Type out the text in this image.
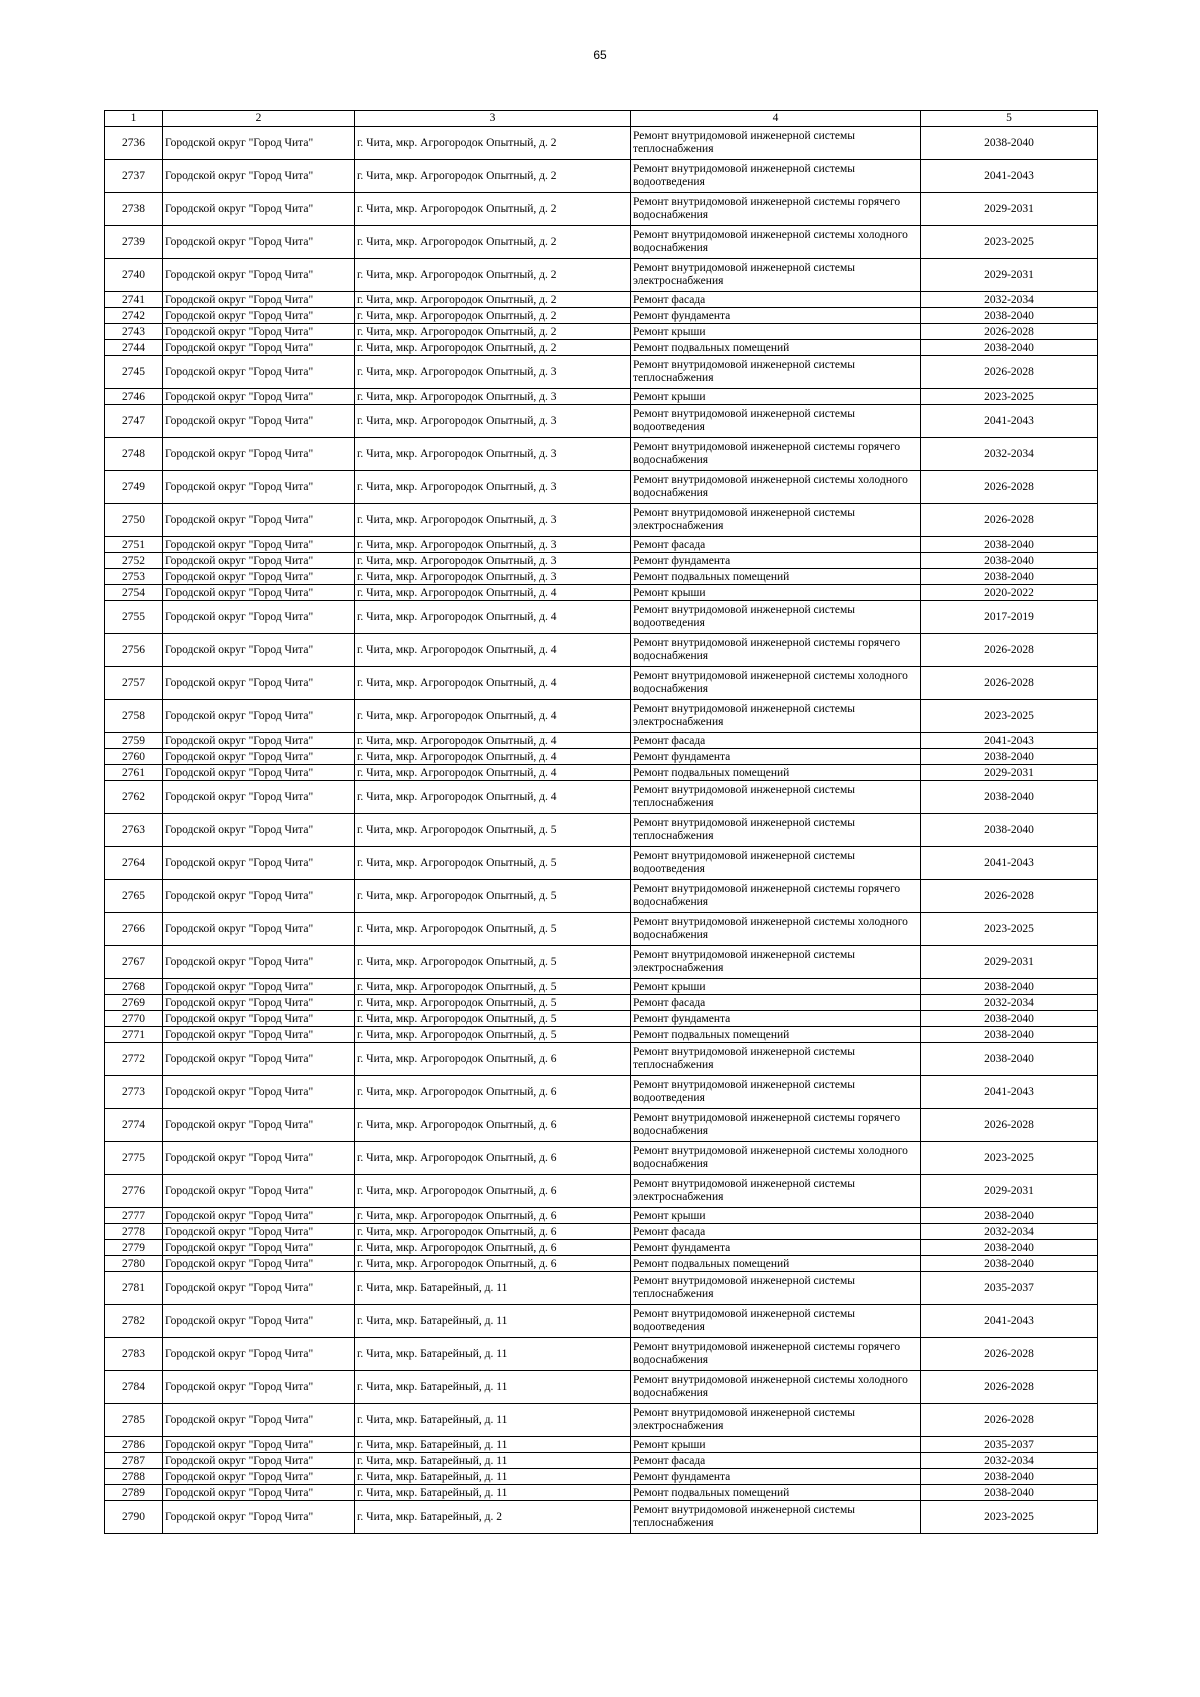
65
1	2	3	4	5
2736	Городской округ "Город Чита"	г. Чита, мкр. Агрогородок Опытный, д. 2	Ремонт внутридомовой инженерной системы теплоснабжения	2038-2040
2737	Городской округ "Город Чита"	г. Чита, мкр. Агрогородок Опытный, д. 2	Ремонт внутридомовой инженерной системы водоотведения	2041-2043
2738	Городской округ "Город Чита"	г. Чита, мкр. Агрогородок Опытный, д. 2	Ремонт внутридомовой инженерной системы горячего водоснабжения	2029-2031
2739	Городской округ "Город Чита"	г. Чита, мкр. Агрогородок Опытный, д. 2	Ремонт внутридомовой инженерной системы холодного водоснабжения	2023-2025
2740	Городской округ "Город Чита"	г. Чита, мкр. Агрогородок Опытный, д. 2	Ремонт внутридомовой инженерной системы электроснабжения	2029-2031
2741	Городской округ "Город Чита"	г. Чита, мкр. Агрогородок Опытный, д. 2	Ремонт фасада	2032-2034
2742	Городской округ "Город Чита"	г. Чита, мкр. Агрогородок Опытный, д. 2	Ремонт фундамента	2038-2040
2743	Городской округ "Город Чита"	г. Чита, мкр. Агрогородок Опытный, д. 2	Ремонт крыши	2026-2028
2744	Городской округ "Город Чита"	г. Чита, мкр. Агрогородок Опытный, д. 2	Ремонт подвальных помещений	2038-2040
2745	Городской округ "Город Чита"	г. Чита, мкр. Агрогородок Опытный, д. 3	Ремонт внутридомовой инженерной системы теплоснабжения	2026-2028
2746	Городской округ "Город Чита"	г. Чита, мкр. Агрогородок Опытный, д. 3	Ремонт крыши	2023-2025
2747	Городской округ "Город Чита"	г. Чита, мкр. Агрогородок Опытный, д. 3	Ремонт внутридомовой инженерной системы водоотведения	2041-2043
2748	Городской округ "Город Чита"	г. Чита, мкр. Агрогородок Опытный, д. 3	Ремонт внутридомовой инженерной системы горячего водоснабжения	2032-2034
2749	Городской округ "Город Чита"	г. Чита, мкр. Агрогородок Опытный, д. 3	Ремонт внутридомовой инженерной системы холодного водоснабжения	2026-2028
2750	Городской округ "Город Чита"	г. Чита, мкр. Агрогородок Опытный, д. 3	Ремонт внутридомовой инженерной системы электроснабжения	2026-2028
2751	Городской округ "Город Чита"	г. Чита, мкр. Агрогородок Опытный, д. 3	Ремонт фасада	2038-2040
2752	Городской округ "Город Чита"	г. Чита, мкр. Агрогородок Опытный, д. 3	Ремонт фундамента	2038-2040
2753	Городской округ "Город Чита"	г. Чита, мкр. Агрогородок Опытный, д. 3	Ремонт подвальных помещений	2038-2040
2754	Городской округ "Город Чита"	г. Чита, мкр. Агрогородок Опытный, д. 4	Ремонт крыши	2020-2022
2755	Городской округ "Город Чита"	г. Чита, мкр. Агрогородок Опытный, д. 4	Ремонт внутридомовой инженерной системы водоотведения	2017-2019
2756	Городской округ "Город Чита"	г. Чита, мкр. Агрогородок Опытный, д. 4	Ремонт внутридомовой инженерной системы горячего водоснабжения	2026-2028
2757	Городской округ "Город Чита"	г. Чита, мкр. Агрогородок Опытный, д. 4	Ремонт внутридомовой инженерной системы холодного водоснабжения	2026-2028
2758	Городской округ "Город Чита"	г. Чита, мкр. Агрогородок Опытный, д. 4	Ремонт внутридомовой инженерной системы электроснабжения	2023-2025
2759	Городской округ "Город Чита"	г. Чита, мкр. Агрогородок Опытный, д. 4	Ремонт фасада	2041-2043
2760	Городской округ "Город Чита"	г. Чита, мкр. Агрогородок Опытный, д. 4	Ремонт фундамента	2038-2040
2761	Городской округ "Город Чита"	г. Чита, мкр. Агрогородок Опытный, д. 4	Ремонт подвальных помещений	2029-2031
2762	Городской округ "Город Чита"	г. Чита, мкр. Агрогородок Опытный, д. 4	Ремонт внутридомовой инженерной системы теплоснабжения	2038-2040
2763	Городской округ "Город Чита"	г. Чита, мкр. Агрогородок Опытный, д. 5	Ремонт внутридомовой инженерной системы теплоснабжения	2038-2040
2764	Городской округ "Город Чита"	г. Чита, мкр. Агрогородок Опытный, д. 5	Ремонт внутридомовой инженерной системы водоотведения	2041-2043
2765	Городской округ "Город Чита"	г. Чита, мкр. Агрогородок Опытный, д. 5	Ремонт внутридомовой инженерной системы горячего водоснабжения	2026-2028
2766	Городской округ "Город Чита"	г. Чита, мкр. Агрогородок Опытный, д. 5	Ремонт внутридомовой инженерной системы холодного водоснабжения	2023-2025
2767	Городской округ "Город Чита"	г. Чита, мкр. Агрогородок Опытный, д. 5	Ремонт внутридомовой инженерной системы электроснабжения	2029-2031
2768	Городской округ "Город Чита"	г. Чита, мкр. Агрогородок Опытный, д. 5	Ремонт крыши	2038-2040
2769	Городской округ "Город Чита"	г. Чита, мкр. Агрогородок Опытный, д. 5	Ремонт фасада	2032-2034
2770	Городской округ "Город Чита"	г. Чита, мкр. Агрогородок Опытный, д. 5	Ремонт фундамента	2038-2040
2771	Городской округ "Город Чита"	г. Чита, мкр. Агрогородок Опытный, д. 5	Ремонт подвальных помещений	2038-2040
2772	Городской округ "Город Чита"	г. Чита, мкр. Агрогородок Опытный, д. 6	Ремонт внутридомовой инженерной системы теплоснабжения	2038-2040
2773	Городской округ "Город Чита"	г. Чита, мкр. Агрогородок Опытный, д. 6	Ремонт внутридомовой инженерной системы водоотведения	2041-2043
2774	Городской округ "Город Чита"	г. Чита, мкр. Агрогородок Опытный, д. 6	Ремонт внутридомовой инженерной системы горячего водоснабжения	2026-2028
2775	Городской округ "Город Чита"	г. Чита, мкр. Агрогородок Опытный, д. 6	Ремонт внутридомовой инженерной системы холодного водоснабжения	2023-2025
2776	Городской округ "Город Чита"	г. Чита, мкр. Агрогородок Опытный, д. 6	Ремонт внутридомовой инженерной системы электроснабжения	2029-2031
2777	Городской округ "Город Чита"	г. Чита, мкр. Агрогородок Опытный, д. 6	Ремонт крыши	2038-2040
2778	Городской округ "Город Чита"	г. Чита, мкр. Агрогородок Опытный, д. 6	Ремонт фасада	2032-2034
2779	Городской округ "Город Чита"	г. Чита, мкр. Агрогородок Опытный, д. 6	Ремонт фундамента	2038-2040
2780	Городской округ "Город Чита"	г. Чита, мкр. Агрогородок Опытный, д. 6	Ремонт подвальных помещений	2038-2040
2781	Городской округ "Город Чита"	г. Чита, мкр. Батарейный, д. 11	Ремонт внутридомовой инженерной системы теплоснабжения	2035-2037
2782	Городской округ "Город Чита"	г. Чита, мкр. Батарейный, д. 11	Ремонт внутридомовой инженерной системы водоотведения	2041-2043
2783	Городской округ "Город Чита"	г. Чита, мкр. Батарейный, д. 11	Ремонт внутридомовой инженерной системы горячего водоснабжения	2026-2028
2784	Городской округ "Город Чита"	г. Чита, мкр. Батарейный, д. 11	Ремонт внутридомовой инженерной системы холодного водоснабжения	2026-2028
2785	Городской округ "Город Чита"	г. Чита, мкр. Батарейный, д. 11	Ремонт внутридомовой инженерной системы электроснабжения	2026-2028
2786	Городской округ "Город Чита"	г. Чита, мкр. Батарейный, д. 11	Ремонт крыши	2035-2037
2787	Городской округ "Город Чита"	г. Чита, мкр. Батарейный, д. 11	Ремонт фасада	2032-2034
2788	Городской округ "Город Чита"	г. Чита, мкр. Батарейный, д. 11	Ремонт фундамента	2038-2040
2789	Городской округ "Город Чита"	г. Чита, мкр. Батарейный, д. 11	Ремонт подвальных помещений	2038-2040
2790	Городской округ "Город Чита"	г. Чита, мкр. Батарейный, д. 2	Ремонт внутридомовой инженерной системы теплоснабжения	2023-2025
